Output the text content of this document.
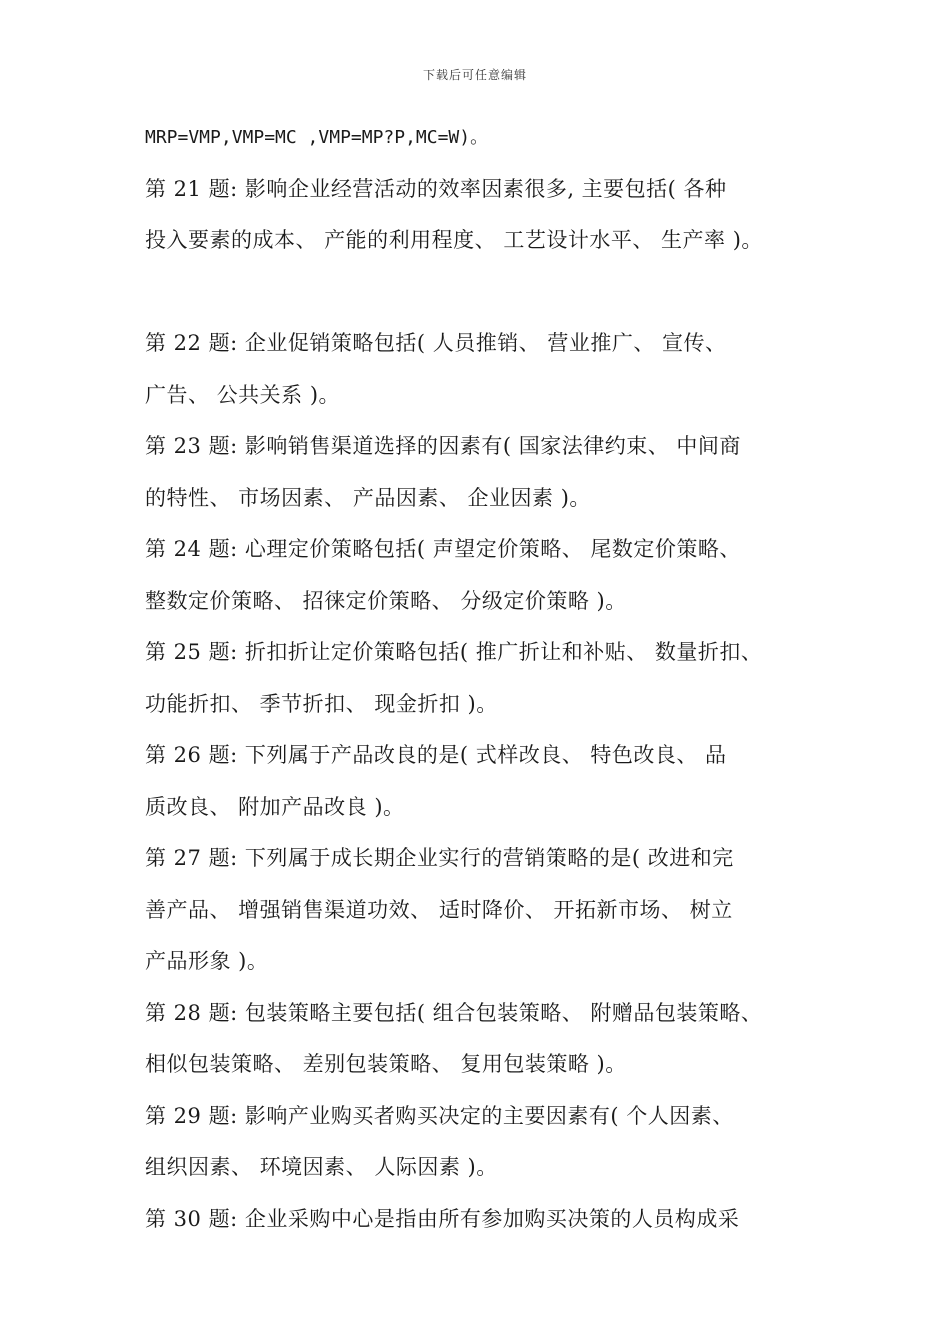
下载后可任意编辑
MRP=VMP,VMP=MC ,VMP=MP?P,MC=W)。
第 21 题: 影响企业经营活动的效率因素很多, 主要包括( 各种
投入要素的成本、 产能的利用程度、 工艺设计水平、 生产率 )。
第 22 题: 企业促销策略包括( 人员推销、 营业推广、 宣传、
广告、 公共关系 )。
第 23 题: 影响销售渠道选择的因素有( 国家法律约束、 中间商
的特性、 市场因素、 产品因素、 企业因素 )。
第 24 题: 心理定价策略包括( 声望定价策略、 尾数定价策略、
整数定价策略、 招徕定价策略、 分级定价策略 )。
第 25 题: 折扣折让定价策略包括( 推广折让和补贴、 数量折扣、
功能折扣、 季节折扣、 现金折扣 )。
第 26 题: 下列属于产品改良的是( 式样改良、 特色改良、 品
质改良、 附加产品改良 )。
第 27 题: 下列属于成长期企业实行的营销策略的是( 改进和完
善产品、 增强销售渠道功效、 适时降价、 开拓新市场、 树立
产品形象 )。
第 28 题: 包装策略主要包括( 组合包装策略、 附赠品包装策略、
相似包装策略、 差别包装策略、 复用包装策略 )。
第 29 题: 影响产业购买者购买决定的主要因素有( 个人因素、
组织因素、 环境因素、 人际因素 )。
第 30 题: 企业采购中心是指由所有参加购买决策的人员构成采
